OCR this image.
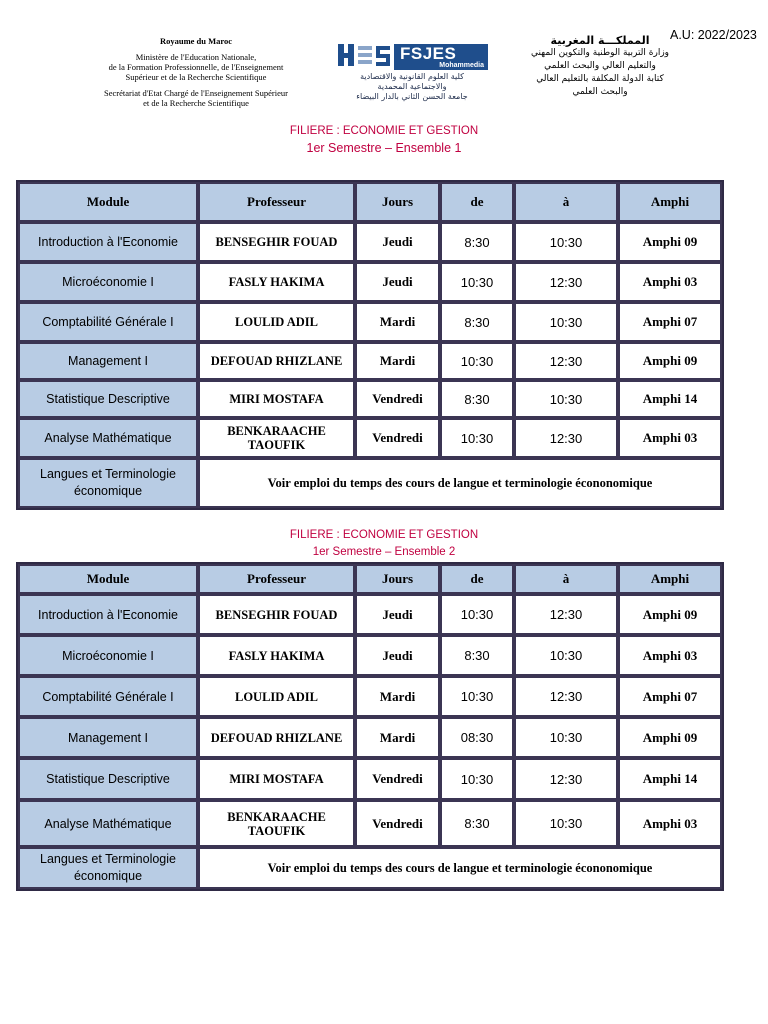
Royaume du Maroc
Ministère de l'Education Nationale,
de la Formation Professionnelle, de l'Enseignement
Supérieur et de la Recherche Scientifique
Secrétariat d'Etat Chargé de l'Enseignement Supérieur
et de la Recherche Scientifique
FSJES
Mohammedia
كلية العلوم القانونية والاقتصادية
والاجتماعية المحمدية
جامعة الحسن الثاني بالدار البيضاء
المملكـــة المغربية
وزارة التربية الوطنية والتكوين المهني
والتعليم العالي والبحث العلمي
كتابة الدولة المكلفة بالتعليم العالي
والبحث العلمي
A.U: 2022/2023
FILIERE : ECONOMIE ET GESTION
1er Semestre – Ensemble 1
Module	Professeur	Jours	de	à	Amphi
Introduction à l'Economie	BENSEGHIR FOUAD	Jeudi	8:30	10:30	Amphi 09
Microéconomie I	FASLY HAKIMA	Jeudi	10:30	12:30	Amphi 03
Comptabilité Générale I	LOULID ADIL	Mardi	8:30	10:30	Amphi 07
Management I	DEFOUAD RHIZLANE	Mardi	10:30	12:30	Amphi 09
Statistique Descriptive	MIRI MOSTAFA	Vendredi	8:30	10:30	Amphi 14
Analyse Mathématique	BENKARAACHE
TAOUFIK	Vendredi	10:30	12:30	Amphi 03

Langues et Terminologie
économique	Voir emploi du temps des cours de langue et terminologie écononomique				
FILIERE : ECONOMIE ET GESTION
1er Semestre – Ensemble 2
Module	Professeur	Jours	de	à	Amphi
Introduction à l'Economie	BENSEGHIR FOUAD	Jeudi	10:30	12:30	Amphi 09
Microéconomie I	FASLY HAKIMA	Jeudi	8:30	10:30	Amphi 03
Comptabilité Générale I	LOULID ADIL	Mardi	10:30	12:30	Amphi 07
Management I	DEFOUAD RHIZLANE	Mardi	08:30	10:30	Amphi 09
Statistique Descriptive	MIRI MOSTAFA	Vendredi	10:30	12:30	Amphi 14
Analyse Mathématique	BENKARAACHE
TAOUFIK	Vendredi	8:30	10:30	Amphi 03

Langues et Terminologie
économique	Voir emploi du temps des cours de langue et terminologie écononomique				
